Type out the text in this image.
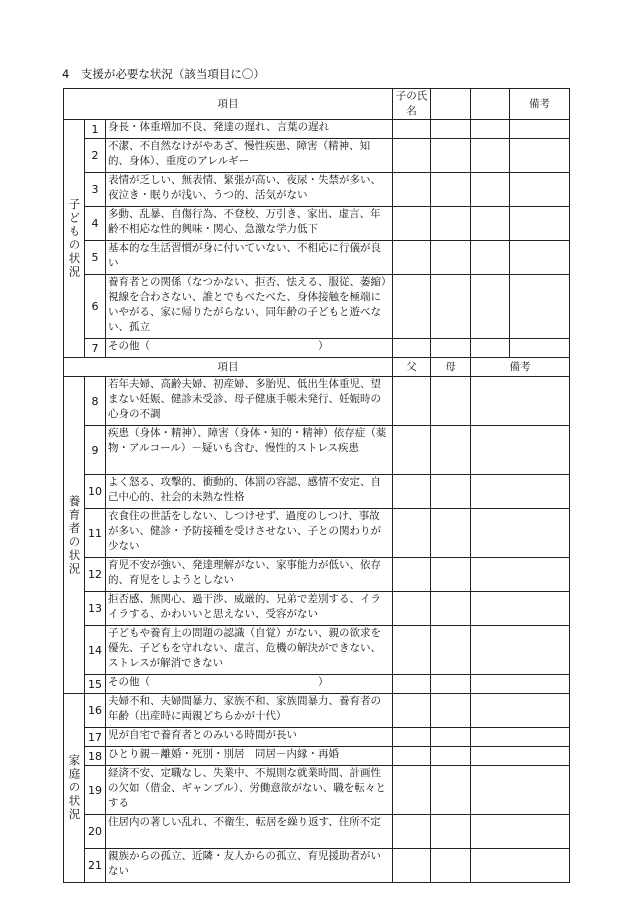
4　支援が必要な状況（該当項目に〇）
項目			子の氏名			備考
子どもの状況	1	身長・体重増加不良、発達の遅れ、言葉の遅れ				
	2	不潔、不自然なけがやあざ、慢性疾患、障害（精神、知的、身体）、重度のアレルギー				
	3	表情が乏しい、無表情、緊張が高い、夜尿・失禁が多い、夜泣き・眠りが浅い、うつ的、活気がない				
	4	多動、乱暴、自傷行為、不登校、万引き、家出、虚言、年齢不相応な性的興味・関心、急激な学力低下				
	5	基本的な生活習慣が身に付いていない、不相応に行儀が良い				
	6	養育者との関係（なつかない、拒否、怯える、服従、萎縮）視線を合わさない、誰とでもべたべた、身体接触を極端にいやがる、家に帰りたがらない、同年齢の子どもと遊べない、孤立				
	7	その他（　　　　　　　　　　　　　　　　）				
項目			父	母	備考	
養育者の状況	8	若年夫婦、高齢夫婦、初産婦、多胎児、低出生体重児、望まない妊娠、健診未受診、母子健康手帳未発行、妊娠時の心身の不調				
	9	疾患（身体・精神）、障害（身体・知的・精神）依存症（薬物・アルコール）－疑いも含む、慢性的ストレス疾患				
	10	よく怒る、攻撃的、衝動的、体罰の容認、感情不安定、自己中心的、社会的未熟な性格				
	11	衣食住の世話をしない、しつけせず、過度のしつけ、事故が多い、健診・予防接種を受けさせない、子との関わりが少ない				
	12	育児不安が強い、発達理解がない、家事能力が低い、依存的、育児をしようとしない				
	13	拒否感、無関心、過干渉、威厳的、兄弟で差別する、イライラする、かわいいと思えない、受容がない				
	14	子どもや養育上の問題の認識（自覚）がない、親の欲求を優先、子どもを守れない、虚言、危機の解決ができない、ストレスが解消できない				
	15	その他（　　　　　　　　　　　　　　　　）				
家庭の状況	16	夫婦不和、夫婦間暴力、家族不和、家族間暴力、養育者の年齢（出産時に両親どちらかが十代）				
	17	児が自宅で養育者とのみいる時間が長い				
	18	ひとり親－離婚・死別・別居　同居－内縁・再婚				
	19	経済不安、定職なし、失業中、不規則な就業時間、計画性の欠如（借金、ギャンブル）、労働意欲がない、職を転々とする				
	20	住居内の著しい乱れ、不衛生、転居を繰り返す、住所不定				
	21	親族からの孤立、近隣・友人からの孤立、育児援助者がいない				
